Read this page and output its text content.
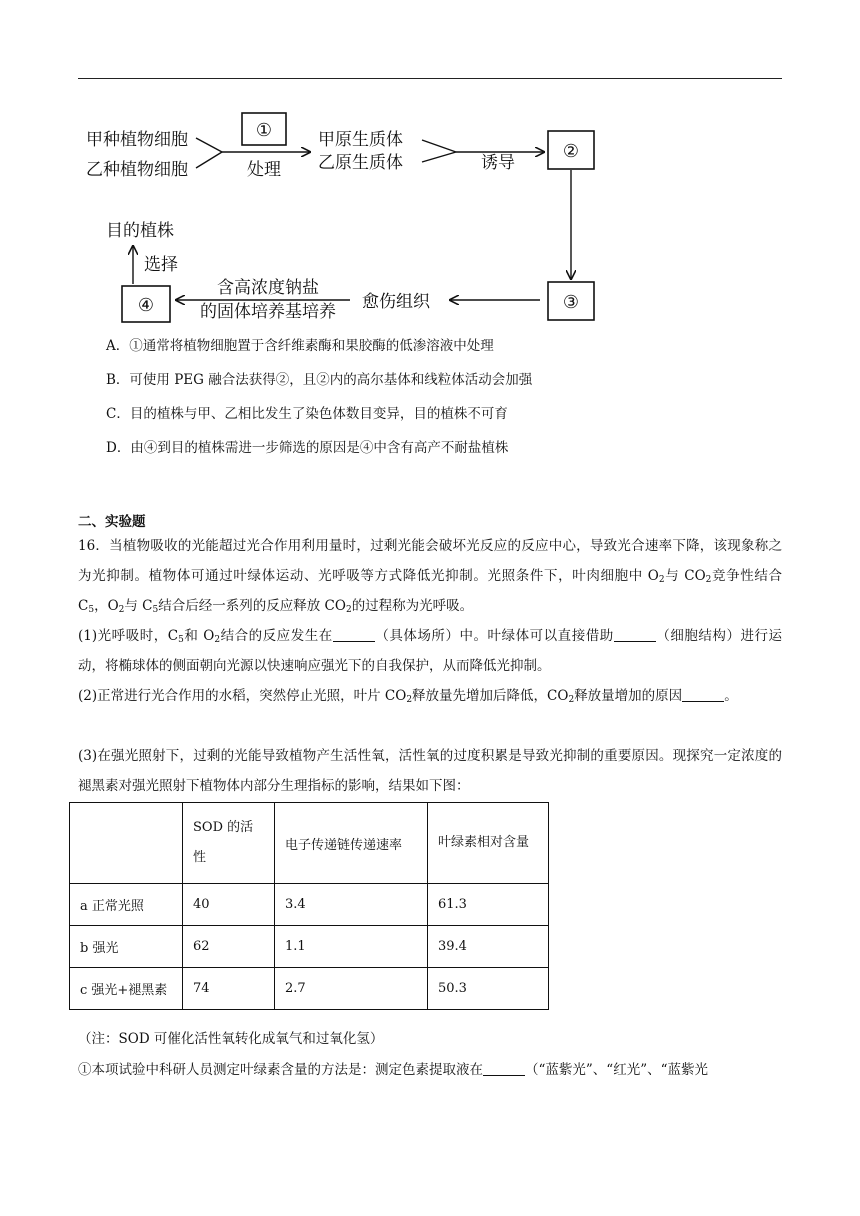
甲种植物细胞
乙种植物细胞
①
处理
甲原生质体
乙原生质体	诱导
②
③
愈伤组织
含高浓度钠盐
的固体培养基培养
④
选择
目的植株
A．①通常将植物细胞置于含纤维素酶和果胶酶的低渗溶液中处理
B．可使用 PEG 融合法获得②，且②内的高尔基体和线粒体活动会加强
C．目的植株与甲、乙相比发生了染色体数目变异，目的植株不可育
D．由④到目的植株需进一步筛选的原因是④中含有高产不耐盐植株
二、实验题
16．当植物吸收的光能超过光合作用利用量时，过剩光能会破坏光反应的反应中心，导致光合速率下降，该现象称之为光抑制。植物体可通过叶绿体运动、光呼吸等方式降低光抑制。光照条件下，叶肉细胞中 $O_2$与 $CO_2$竞争性结合 $C_5$，$O_2$与 $C_5$结合后经一系列的反应释放 $CO_2$的过程称为光呼吸。
(1)光呼吸时，$C_5$和 $O_2$结合的反应发生在	（具体场所）中。叶绿体可以直接借助	（细胞结构）进行运动，将椭球体的侧面朝向光源以快速响应强光下的自我保护，从而降低光抑制。
(2)正常进行光合作用的水稻，突然停止光照，叶片 $CO_2$释放量先增加后降低，$CO_2$释放量增加的原因	。
(3)在强光照射下，过剩的光能导致植物产生活性氧，活性氧的过度积累是导致光抑制的重要原因。现探究一定浓度的褪黑素对强光照射下植物体内部分生理指标的影响，结果如下图：
	SOD 的活性	电子传递链传递速率	叶绿素相对含量
a 正常光照	40	3.4	61.3
b 强光	62	1.1	39.4
c 强光+褪黑素	74	2.7	50.3
（注：SOD 可催化活性氧转化成氧气和过氧化氢）
①本项试验中科研人员测定叶绿素含量的方法是：测定色素提取液在	（“蓝紫光”、“红光”、“蓝紫光
